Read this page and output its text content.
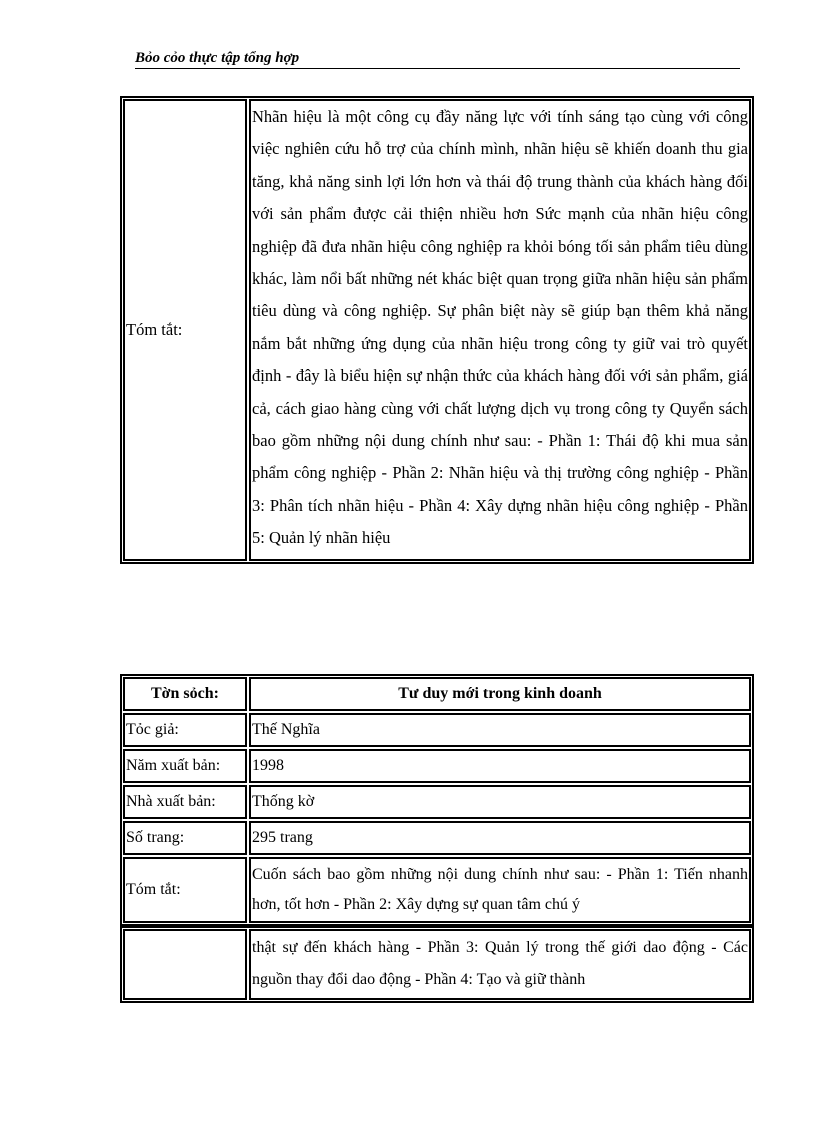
Bỏo cỏo thực tập tổng hợp
Tóm tắt:	Nhãn hiệu là một công cụ đầy năng lực với tính sáng tạo cùng với công việc nghiên cứu hỗ trợ của chính mình, nhãn hiệu sẽ khiến doanh thu gia tăng, khả năng sinh lợi lớn hơn và thái độ trung thành của khách hàng đối với sản phẩm được cải thiện nhiều hơn Sức mạnh của nhãn hiệu công nghiệp đã đưa nhãn hiệu công nghiệp ra khỏi bóng tối sản phẩm tiêu dùng khác, làm nổi bất những nét khác biệt quan trọng giữa nhãn hiệu sản phẩm tiêu dùng và công nghiệp. Sự phân biệt này sẽ giúp bạn thêm khả năng nắm bắt những ứng dụng của nhãn hiệu trong công ty giữ vai trò quyết định - đây là biểu hiện sự nhận thức của khách hàng đối với sản phẩm, giá cả, cách giao hàng cùng với chất lượng dịch vụ trong công ty Quyển sách bao gồm những nội dung chính như sau: - Phần 1: Thái độ khi mua sản phẩm công nghiệp - Phần 2: Nhãn hiệu và thị trường công nghiệp - Phần 3: Phân tích nhãn hiệu - Phần 4: Xây dựng nhãn hiệu công nghiệp - Phần 5: Quản lý nhãn hiệu
Tờn sỏch:	Tư duy mới trong kinh doanh
Tỏc giả:	Thế Nghĩa
Năm xuất bản:	1998
Nhà xuất bản:	Thống kờ
Số trang:	295 trang
Tóm tắt:	Cuốn sách bao gồm những nội dung chính như sau: - Phần 1: Tiến nhanh hơn, tốt hơn - Phần 2: Xây dựng sự quan tâm chú ý
	thật sự đến khách hàng - Phần 3: Quản lý trong thế giới dao động - Các nguồn thay đổi dao động - Phần 4: Tạo và giữ thành
